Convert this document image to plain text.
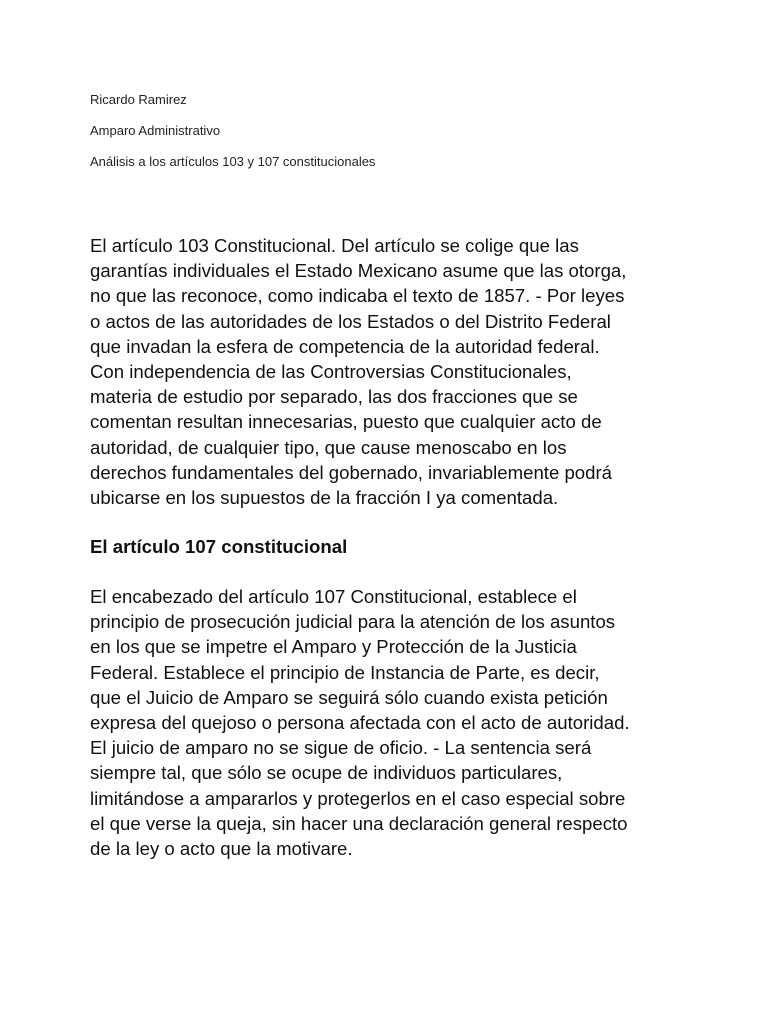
Ricardo Ramirez
Amparo Administrativo
Análisis a los artículos 103 y 107 constitucionales

El artículo 103 Constitucional. Del artículo se colige que las
garantías individuales el Estado Mexicano asume que las otorga,
no que las reconoce, como indicaba el texto de 1857. - Por leyes
o actos de las autoridades de los Estados o del Distrito Federal
que invadan la esfera de competencia de la autoridad federal.
Con independencia de las Controversias Constitucionales,
materia de estudio por separado, las dos fracciones que se
comentan resultan innecesarias, puesto que cualquier acto de
autoridad, de cualquier tipo, que cause menoscabo en los
derechos fundamentales del gobernado, invariablemente podrá
ubicarse en los supuestos de la fracción I ya comentada.

El artículo 107 constitucional

El encabezado del artículo 107 Constitucional, establece el
principio de prosecución judicial para la atención de los asuntos
en los que se impetre el Amparo y Protección de la Justicia
Federal. Establece el principio de Instancia de Parte, es decir,
que el Juicio de Amparo se seguirá sólo cuando exista petición
expresa del quejoso o persona afectada con el acto de autoridad.
El juicio de amparo no se sigue de oficio. - La sentencia será
siempre tal, que sólo se ocupe de individuos particulares,
limitándose a ampararlos y protegerlos en el caso especial sobre
el que verse la queja, sin hacer una declaración general respecto
de la ley o acto que la motivare.
